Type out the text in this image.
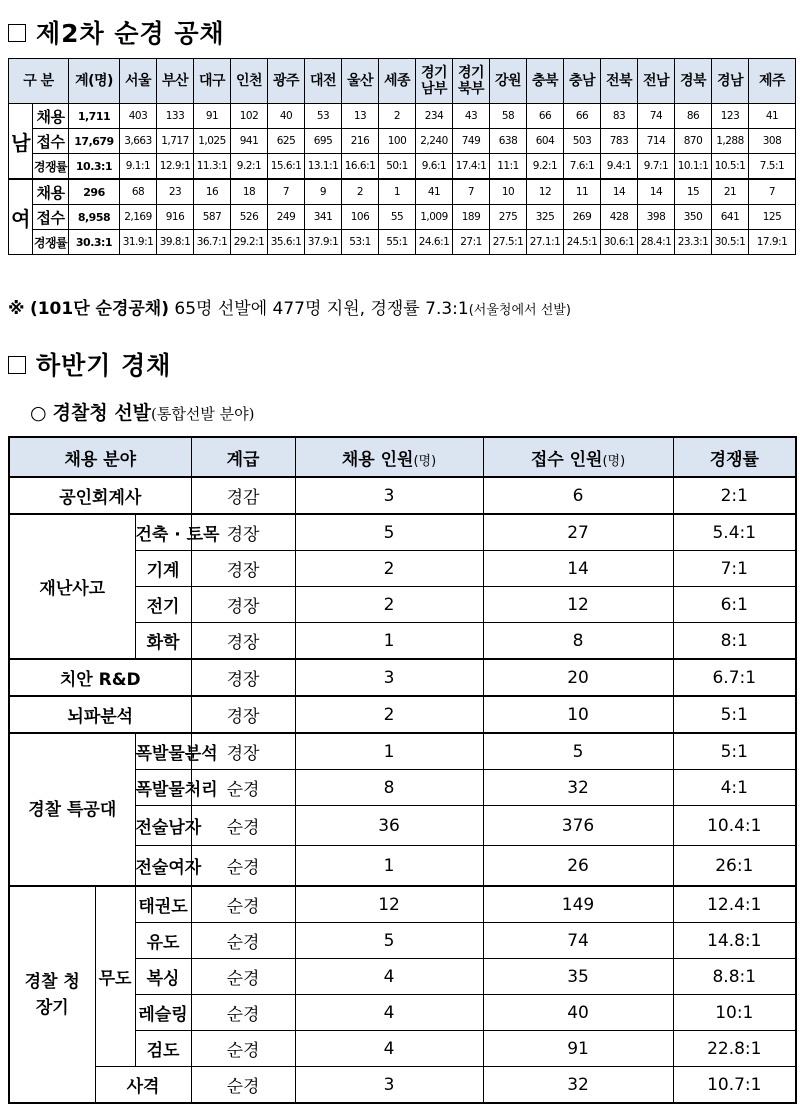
제2차 순경 공채
구 분		계(명)	서울	부산	대구	인천	광주	대전	울산	세종	경기남부	경기북부	강원	충북	충남	전북	전남	경북	경남	제주
남	채용	1,711	403	133	91	102	40	53	13	2	234	43	58	66	66	83	74	86	123	41
	접수	17,679	3,663	1,717	1,025	941	625	695	216	100	2,240	749	638	604	503	783	714	870	1,288	308
	경쟁률	10.3:1	9.1:1	12.9:1	11.3:1	9.2:1	15.6:1	13.1:1	16.6:1	50:1	9.6:1	17.4:1	11:1	9.2:1	7.6:1	9.4:1	9.7:1	10.1:1	10.5:1	7.5:1
여	채용	296	68	23	16	18	7	9	2	1	41	7	10	12	11	14	14	15	21	7
	접수	8,958	2,169	916	587	526	249	341	106	55	1,009	189	275	325	269	428	398	350	641	125
	경쟁률	30.3:1	31.9:1	39.8:1	36.7:1	29.2:1	35.6:1	37.9:1	53:1	55:1	24.6:1	27:1	27.5:1	27.1:1	24.5:1	30.6:1	28.4:1	23.3:1	30.5:1	17.9:1
※ (101단 순경공채) 65명 선발에 477명 지원, 경쟁률 7.3:1(서울청에서 선발)
하반기 경채
○ 경찰청 선발(통합선발 분야)
채용 분야			계급	채용 인원(명)	접수 인원(명)	경쟁률
공인회계사			경감	3	6	2:1
재난사고		건축 · 토목	경장	5	27	5.4:1
		기계	경장	2	14	7:1
		전기	경장	2	12	6:1
		화학	경장	1	8	8:1
치안 R&D			경장	3	20	6.7:1
뇌파분석			경장	2	10	5:1
경찰 특공대		폭발물분석	경장	1	5	5:1
		폭발물처리	순경	8	32	4:1
		전술남자	순경	36	376	10.4:1
		전술여자	순경	1	26	26:1
경찰 청장기	무도	태권도	순경	12	149	12.4:1
		유도	순경	5	74	14.8:1
		복싱	순경	4	35	8.8:1
		레슬링	순경	4	40	10:1
		검도	순경	4	91	22.8:1
	사격		순경	3	32	10.7:1
